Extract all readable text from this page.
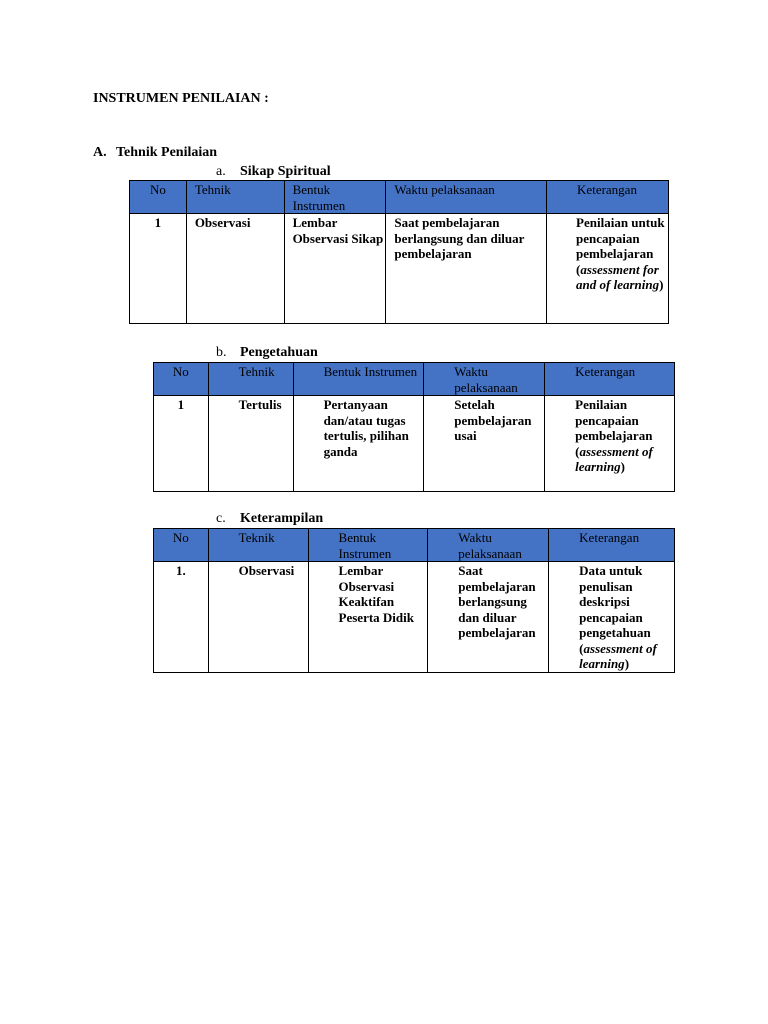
INSTRUMEN PENILAIAN :
A. Tehnik Penilaian
a. Sikap Spiritual
No	Tehnik	Bentuk Instrumen	Waktu pelaksanaan	Keterangan
1	Observasi	Lembar Observasi Sikap	Saat pembelajaran berlangsung dan diluar pembelajaran	Penilaian untuk pencapaian pembelajaran (assessment for and of learning)
b. Pengetahuan
No	Tehnik	Bentuk Instrumen	Waktu pelaksanaan	Keterangan
1	Tertulis	Pertanyaan dan/atau tugas tertulis, pilihan ganda	Setelah pembelajaran usai	Penilaian pencapaian pembelajaran (assessment of learning)
c. Keterampilan
No	Teknik	Bentuk Instrumen	Waktu pelaksanaan	Keterangan
1.	Observasi	Lembar Observasi Keaktifan Peserta Didik	Saat pembelajaran berlangsung dan diluar pembelajaran	Data untuk penulisan deskripsi pencapaian pengetahuan (assessment of learning)
